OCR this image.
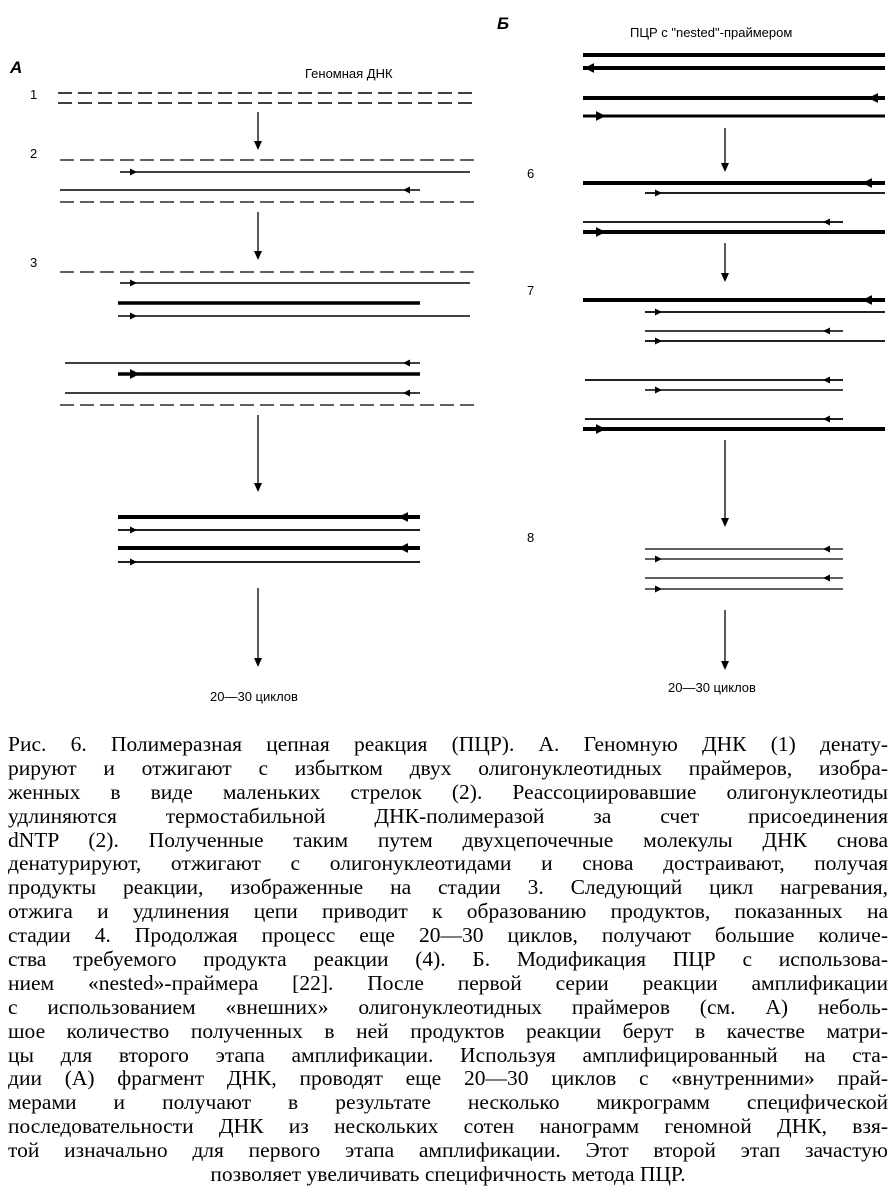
А
Б
Геномная ДНК
ПЦР с "nested"-праймером
1
2
3
6
7
8
20—30 циклов
20—30 циклов
Рис. 6. Полимеразная цепная реакция (ПЦР). А. Геномную ДНК (1) денату-
рируют и отжигают с избытком двух олигонуклеотидных праймеров, изобра-
женных в виде маленьких стрелок (2). Реассоциировавшие олигонуклеотиды
удлиняются термостабильной ДНК-полимеразой за счет присоединения
dNTP (2). Полученные таким путем двухцепочечные молекулы ДНК снова
денатурируют, отжигают с олигонуклеотидами и снова достраивают, получая
продукты реакции, изображенные на стадии 3. Следующий цикл нагревания,
отжига и удлинения цепи приводит к образованию продуктов, показанных на
стадии 4. Продолжая процесс еще 20—30 циклов, получают большие количе-
ства требуемого продукта реакции (4). Б. Модификация ПЦР с использова-
нием «nested»-праймера [22]. После первой серии реакции амплификации
с использованием «внешних» олигонуклеотидных праймеров (см. А) неболь-
шое количество полученных в ней продуктов реакции берут в качестве матри-
цы для второго этапа амплификации. Используя амплифицированный на ста-
дии (А) фрагмент ДНК, проводят еще 20—30 циклов с «внутренними» прай-
мерами и получают в результате несколько микрограмм специфической
последовательности ДНК из нескольких сотен нанограмм геномной ДНК, взя-
той изначально для первого этапа амплификации. Этот второй этап зачастую
позволяет увеличивать специфичность метода ПЦР.
